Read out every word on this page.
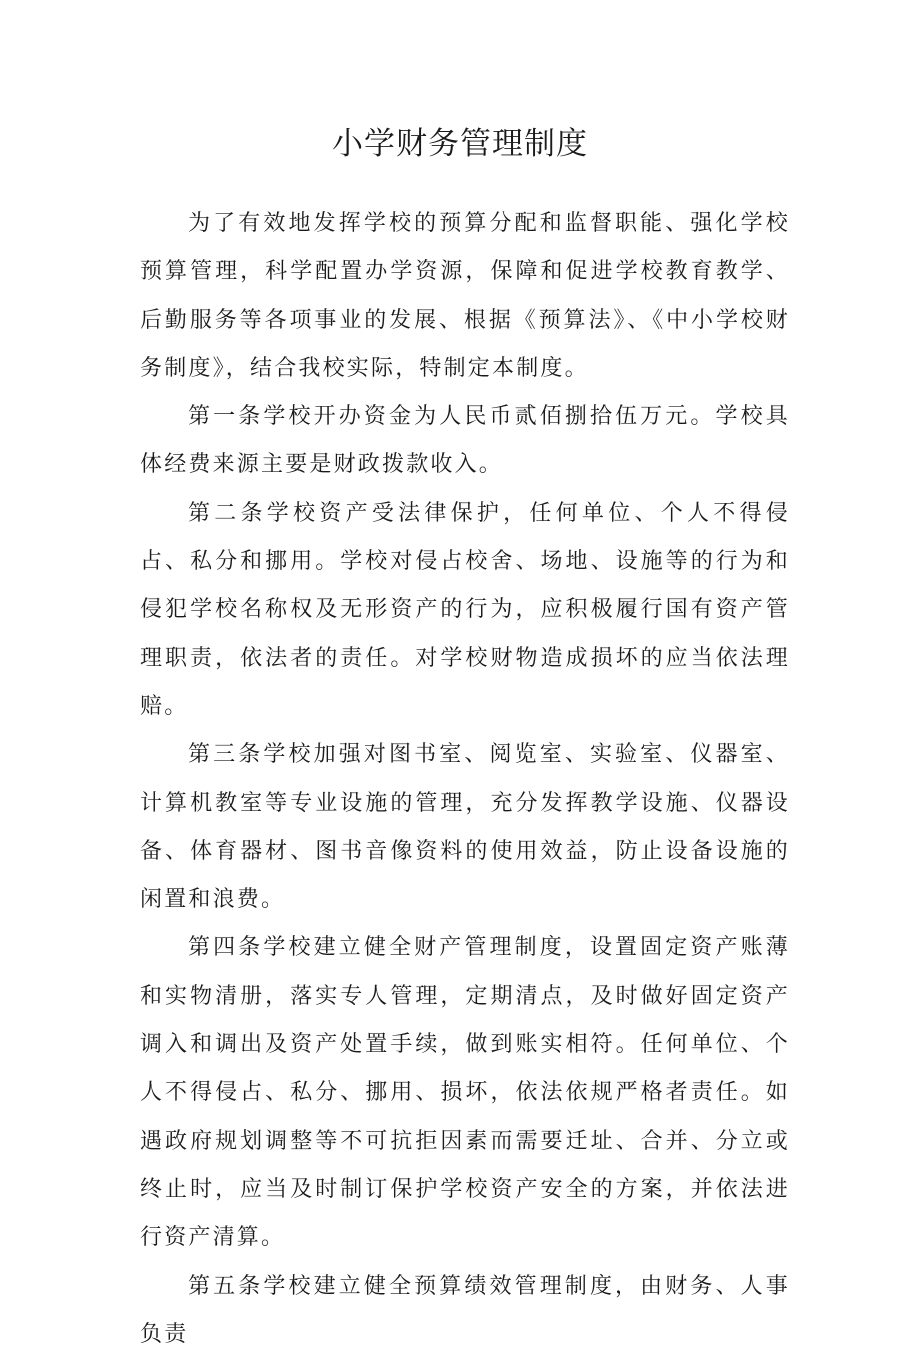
小学财务管理制度

为了有效地发挥学校的预算分配和监督职能、强化学校预算管理，科学配置办学资源，保障和促进学校教育教学、后勤服务等各项事业的发展、根据《预算法》、《中小学校财务制度》，结合我校实际，特制定本制度。

第一条学校开办资金为人民币贰佰捌拾伍万元。学校具体经费来源主要是财政拨款收入。

第二条学校资产受法律保护，任何单位、个人不得侵占、私分和挪用。学校对侵占校舍、场地、设施等的行为和侵犯学校名称权及无形资产的行为，应积极履行国有资产管理职责，依法者的责任。对学校财物造成损坏的应当依法理赔。

第三条学校加强对图书室、阅览室、实验室、仪器室、计算机教室等专业设施的管理，充分发挥教学设施、仪器设备、体育器材、图书音像资料的使用效益，防止设备设施的闲置和浪费。

第四条学校建立健全财产管理制度，设置固定资产账薄和实物清册，落实专人管理，定期清点，及时做好固定资产调入和调出及资产处置手续，做到账实相符。任何单位、个人不得侵占、私分、挪用、损坏，依法依规严格者责任。如遇政府规划调整等不可抗拒因素而需要迁址、合并、分立或终止时，应当及时制订保护学校资产安全的方案，并依法进行资产清算。

第五条学校建立健全预算绩效管理制度，由财务、人事负责
